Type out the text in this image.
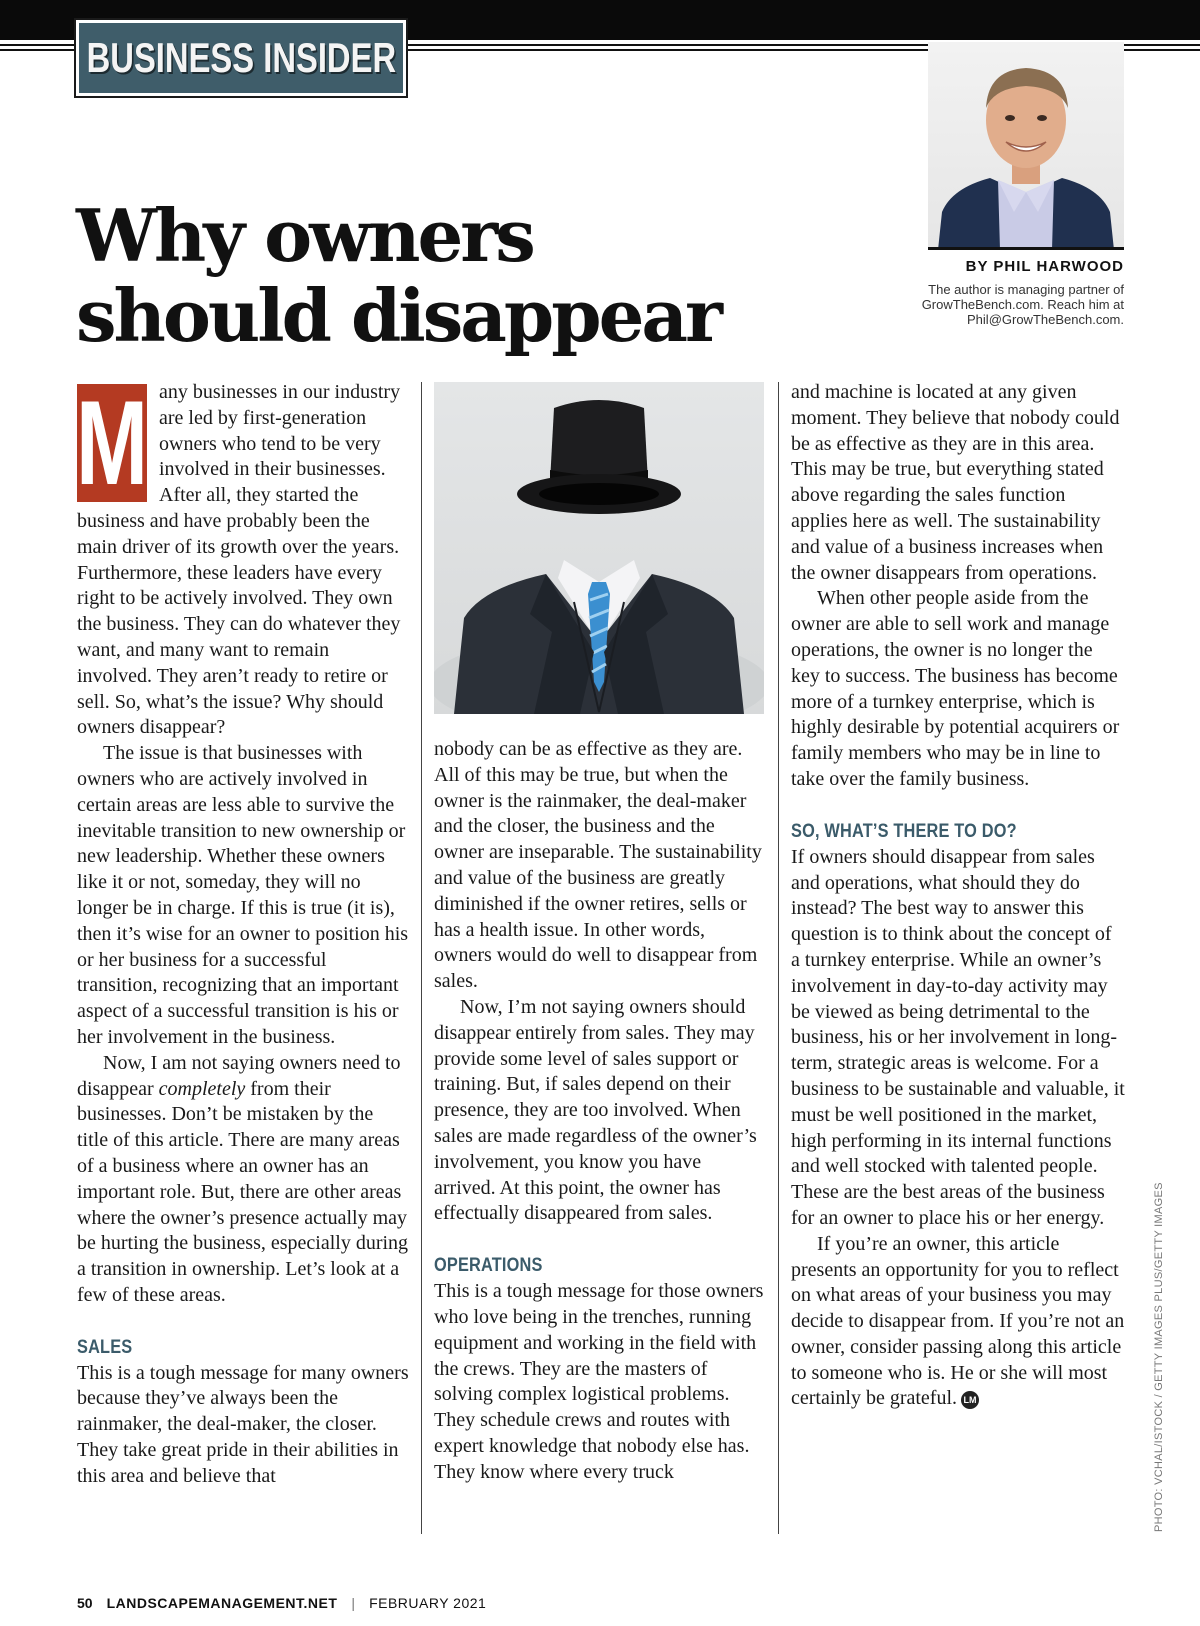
BUSINESS INSIDER
BY PHIL HARWOOD
The author is managing partner of
GrowTheBench.com. Reach him at
Phil@GrowTheBench.com.
Why owners
should disappear
M any businesses in our industry are led by first-generation owners who tend to be very involved in their businesses. After all, they started the business and have probably been the main driver of its growth over the years. Furthermore, these leaders have every right to be actively involved. They own the business. They can do whatever they want, and many want to remain involved. They aren’t ready to retire or sell. So, what’s the issue? Why should owners disappear?

The issue is that businesses with owners who are actively involved in certain areas are less able to survive the inevitable transition to new ownership or new leadership. Whether these owners like it or not, someday, they will no longer be in charge. If this is true (it is), then it’s wise for an owner to position his or her business for a successful transition, recognizing that an important aspect of a successful transition is his or her involvement in the business.

Now, I am not saying owners need to disappear completely from their businesses. Don’t be mistaken by the title of this article. There are many areas of a business where an owner has an important role. But, there are other areas where the owner’s presence actually may be hurting the business, especially during a transition in ownership. Let’s look at a few of these areas.

SALES

This is a tough message for many owners because they’ve always been the rainmaker, the deal-maker, the closer. They take great pride in their abilities in this area and believe that

nobody can be as effective as they are. All of this may be true, but when the owner is the rainmaker, the deal-maker and the closer, the business and the owner are inseparable. The sustainability and value of the business are greatly diminished if the owner retires, sells or has a health issue. In other words, owners would do well to disappear from sales.

Now, I’m not saying owners should disappear entirely from sales. They may provide some level of sales support or training. But, if sales depend on their presence, they are too involved. When sales are made regardless of the owner’s involvement, you know you have arrived. At this point, the owner has effectually disappeared from sales.

OPERATIONS

This is a tough message for those owners who love being in the trenches, running equipment and working in the field with the crews. They are the masters of solving complex logistical problems. They schedule crews and routes with expert knowledge that nobody else has. They know where every truck

and machine is located at any given moment. They believe that nobody could be as effective as they are in this area. This may be true, but everything stated above regarding the sales function applies here as well. The sustainability and value of a business increases when the owner disappears from operations.

When other people aside from the owner are able to sell work and manage operations, the owner is no longer the key to success. The business has become more of a turnkey enterprise, which is highly desirable by potential acquirers or family members who may be in line to take over the family business.

SO, WHAT’S THERE TO DO?

If owners should disappear from sales and operations, what should they do instead? The best way to answer this question is to think about the concept of a turnkey enterprise. While an owner’s involvement in day-to-day activity may be viewed as being detrimental to the business, his or her involvement in long-term, strategic areas is welcome. For a business to be sustainable and valuable, it must be well positioned in the market, high performing in its internal functions and well stocked with talented people. These are the best areas of the business for an owner to place his or her energy.

If you’re an owner, this article presents an opportunity for you to reflect on what areas of your business you may decide to disappear from. If you’re not an owner, consider passing along this article to someone who is. He or she will most certainly be grateful. LM	PHOTO: VCHAL/ISTOCK / GETTY IMAGES PLUS/GETTY IMAGES
50 LANDSCAPEMANAGEMENT.NET | FEBRUARY 2021
